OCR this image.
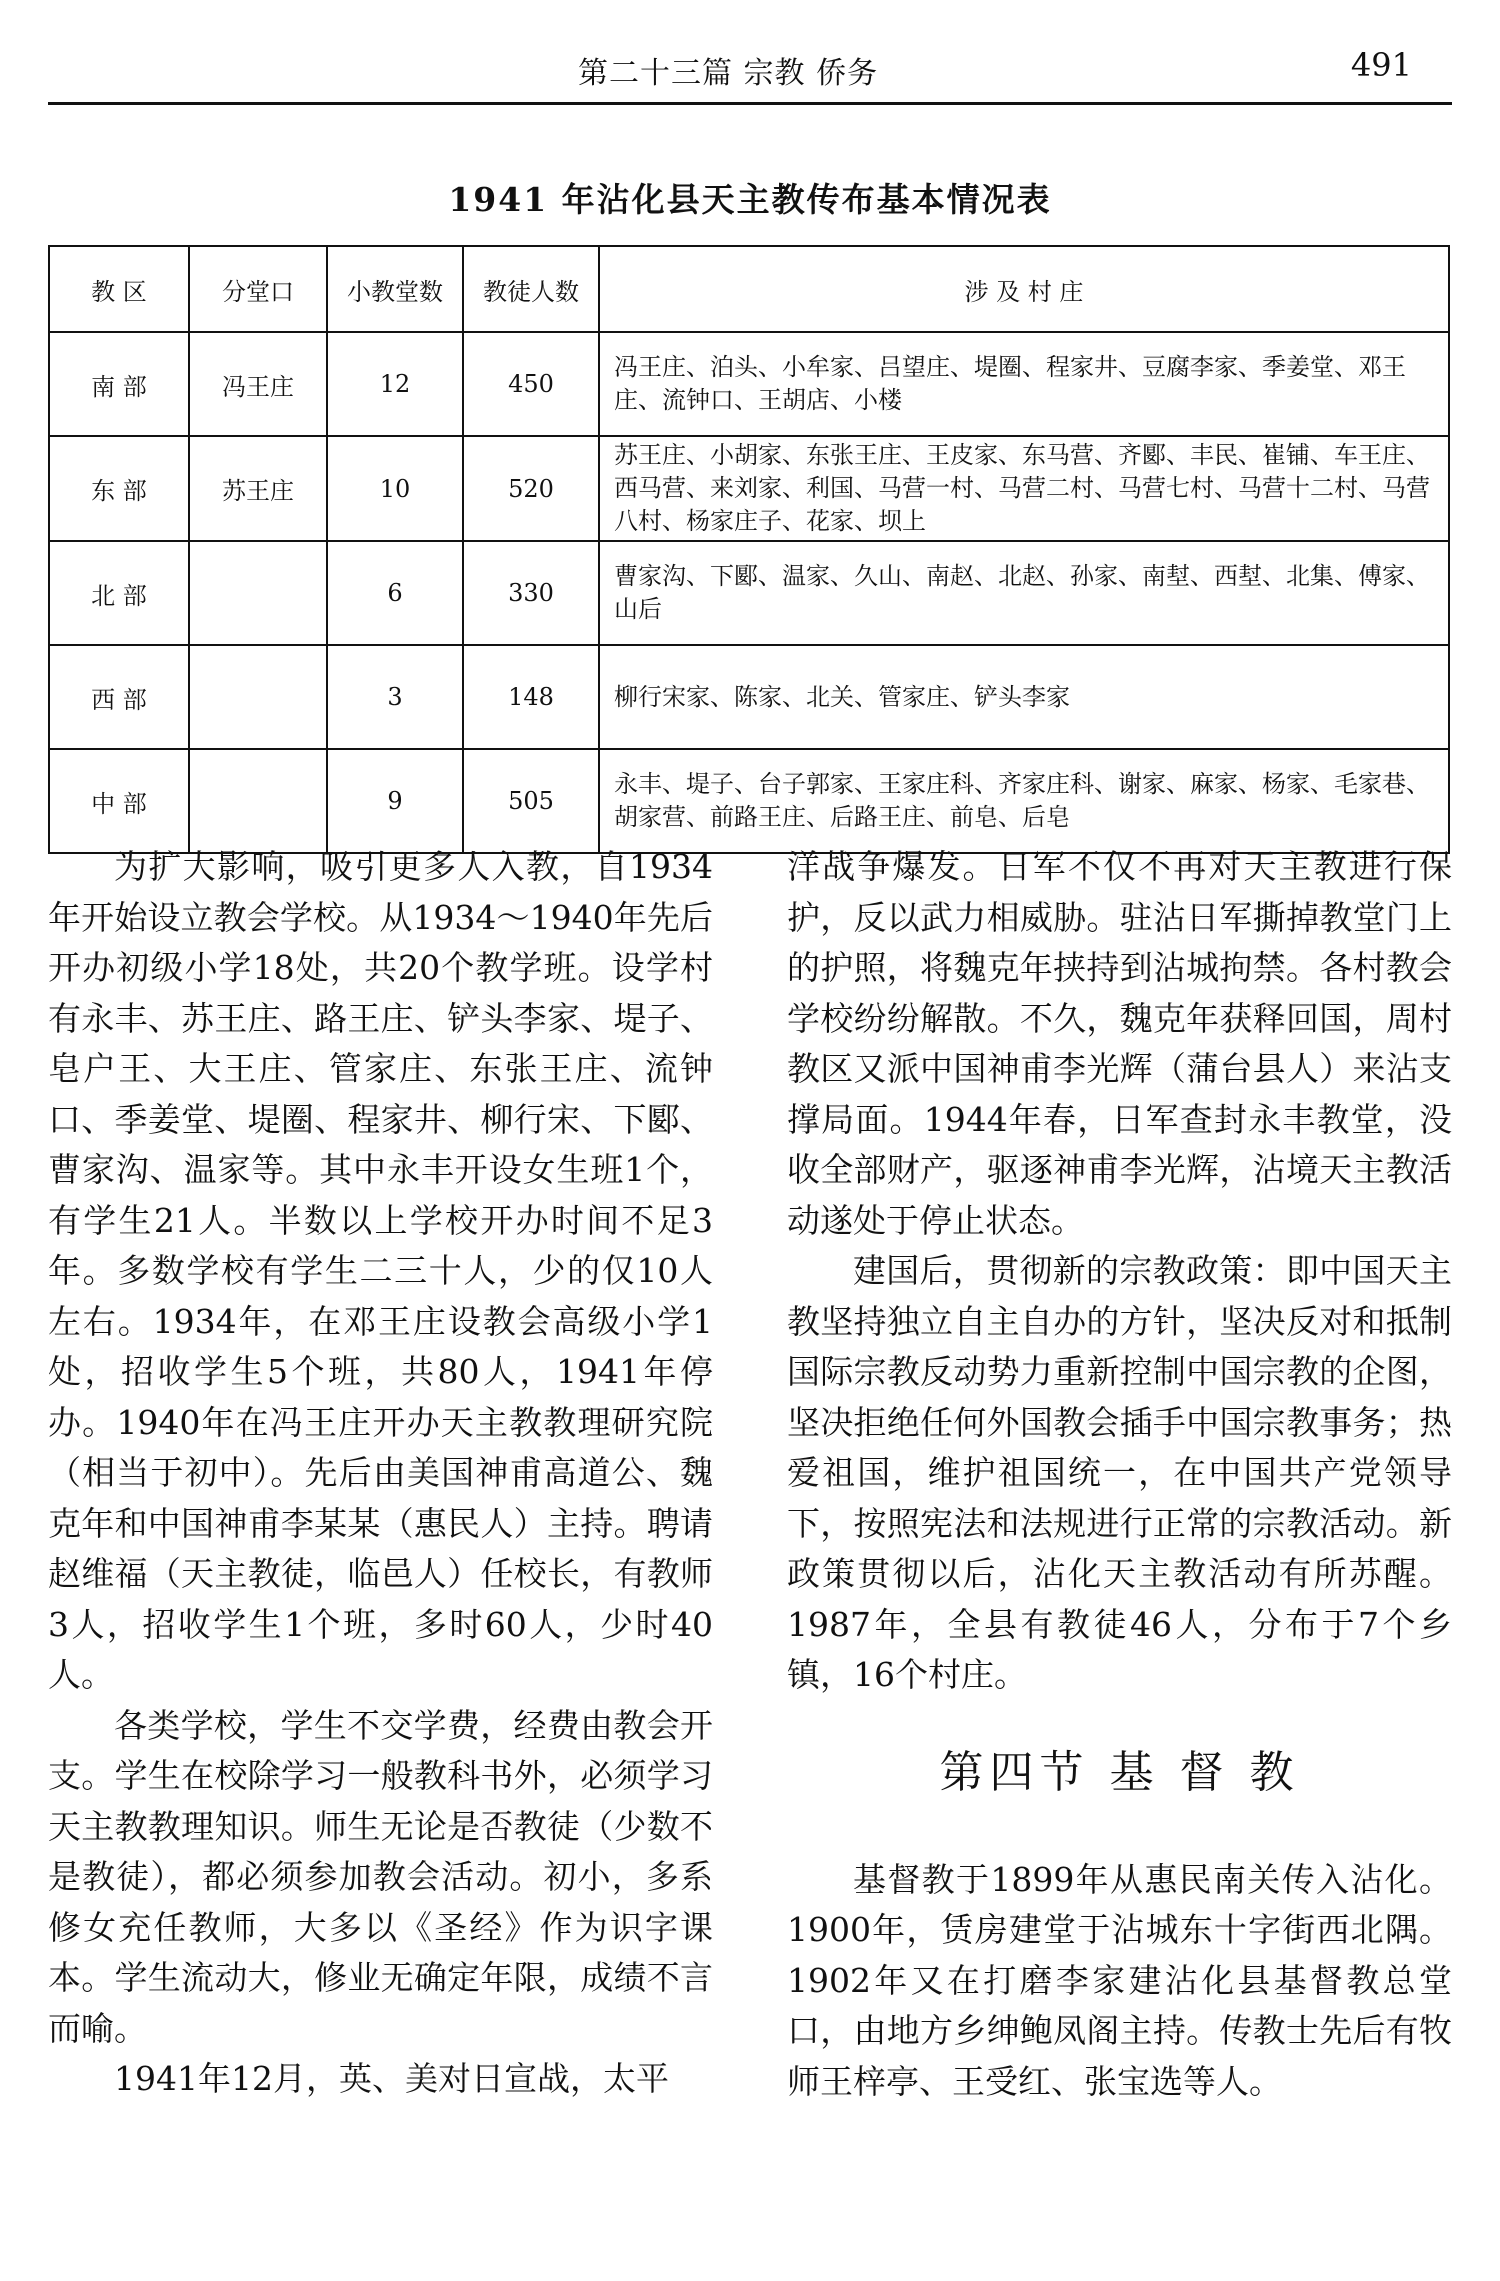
第二十三篇 宗教 侨务	491
1941 年沾化县天主教传布基本情况表
教 区	分堂口	小教堂数	教徒人数	涉 及 村 庄
南 部	冯王庄	12	450	冯王庄、泊头、小牟家、吕望庄、堤圈、程家井、豆腐李家、季姜堂、邓王庄、流钟口、王胡店、小楼
东 部	苏王庄	10	520	苏王庄、小胡家、东张王庄、王皮家、东马营、齐郾、丰民、崔铺、车王庄、西马营、来刘家、利国、马营一村、马营二村、马营七村、马营十二村、马营八村、杨家庄子、花家、坝上
北 部		6	330	曹家沟、下郾、温家、久山、南赵、北赵、孙家、南堼、西堼、北集、傅家、山后
西 部		3	148	柳行宋家、陈家、北关、管家庄、铲头李家
中 部		9	505	永丰、堤子、台子郭家、王家庄科、齐家庄科、谢家、麻家、杨家、毛家巷、胡家营、前路王庄、后路王庄、前皂、后皂

为扩大影响，吸引更多人入教，自1934年开始设立教会学校。从1934～1940年先后开办初级小学18处，共20个教学班。设学村有永丰、苏王庄、路王庄、铲头李家、堤子、皂户王、大王庄、管家庄、东张王庄、流钟口、季姜堂、堤圈、程家井、柳行宋、下郾、曹家沟、温家等。其中永丰开设女生班1个，有学生21人。半数以上学校开办时间不足3年。多数学校有学生二三十人，少的仅10人左右。1934年，在邓王庄设教会高级小学1处，招收学生5个班，共80人，1941年停办。1940年在冯王庄开办天主教教理研究院（相当于初中）。先后由美国神甫高道公、魏克年和中国神甫李某某（惠民人）主持。聘请赵维福（天主教徒，临邑人）任校长，有教师3人，招收学生1个班，多时60人，少时40人。

各类学校，学生不交学费，经费由教会开支。学生在校除学习一般教科书外，必须学习天主教教理知识。师生无论是否教徒（少数不是教徒），都必须参加教会活动。初小，多系修女充任教师，大多以《圣经》作为识字课本。学生流动大，修业无确定年限，成绩不言而喻。

1941年12月，英、美对日宣战，太平

洋战争爆发。日军不仅不再对天主教进行保护，反以武力相威胁。驻沾日军撕掉教堂门上的护照，将魏克年挟持到沾城拘禁。各村教会学校纷纷解散。不久，魏克年获释回国，周村教区又派中国神甫李光辉（蒲台县人）来沾支撑局面。1944年春，日军查封永丰教堂，没收全部财产，驱逐神甫李光辉，沾境天主教活动遂处于停止状态。

建国后，贯彻新的宗教政策：即中国天主教坚持独立自主自办的方针，坚决反对和抵制国际宗教反动势力重新控制中国宗教的企图，坚决拒绝任何外国教会插手中国宗教事务；热爱祖国，维护祖国统一，在中国共产党领导下，按照宪法和法规进行正常的宗教活动。新政策贯彻以后，沾化天主教活动有所苏醒。1987年，全县有教徒46人，分布于7个乡镇，16个村庄。

第四节 基 督 教

基督教于1899年从惠民南关传入沾化。1900年，赁房建堂于沾城东十字街西北隅。1902年又在打磨李家建沾化县基督教总堂口，由地方乡绅鲍凤阁主持。传教士先后有牧师王梓亭、王受红、张宝选等人。
